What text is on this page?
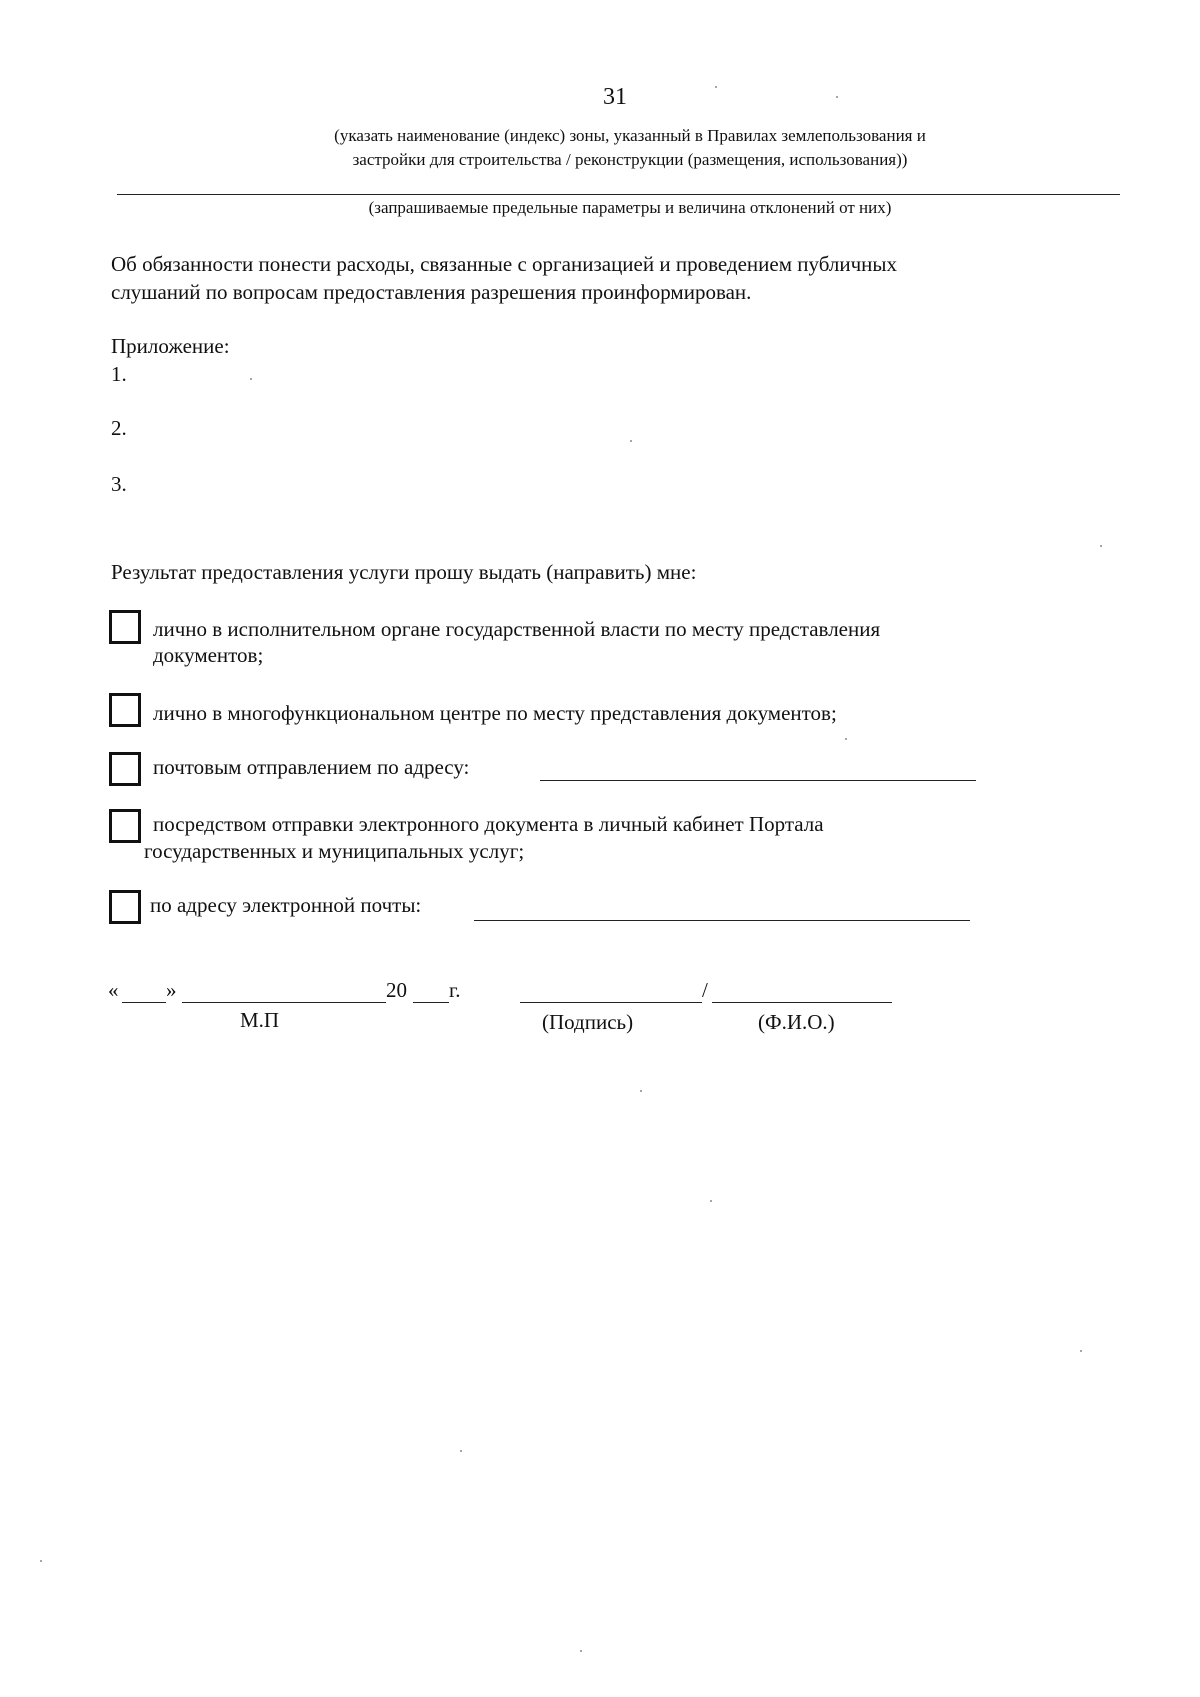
31
(указать наименование (индекс) зоны, указанный в Правилах землепользования и
застройки для строительства / реконструкции (размещения, использования))
(запрашиваемые предельные параметры и величина отклонений от них)
Об обязанности понести расходы, связанные с организацией и проведением публичных
слушаний по вопросам предоставления разрешения проинформирован.
Приложение:
1.
2.
3.
Результат предоставления услуги прошу выдать (направить) мне:
лично в исполнительном органе государственной власти по месту представления
документов;
лично в многофункциональном центре по месту представления документов;
почтовым отправлением по адресу:
посредством отправки электронного документа в личный кабинет Портала
государственных и муниципальных услуг;
по адресу электронной почты:
« »	20 г.	/
М.П	(Подпись)	(Ф.И.О.)
